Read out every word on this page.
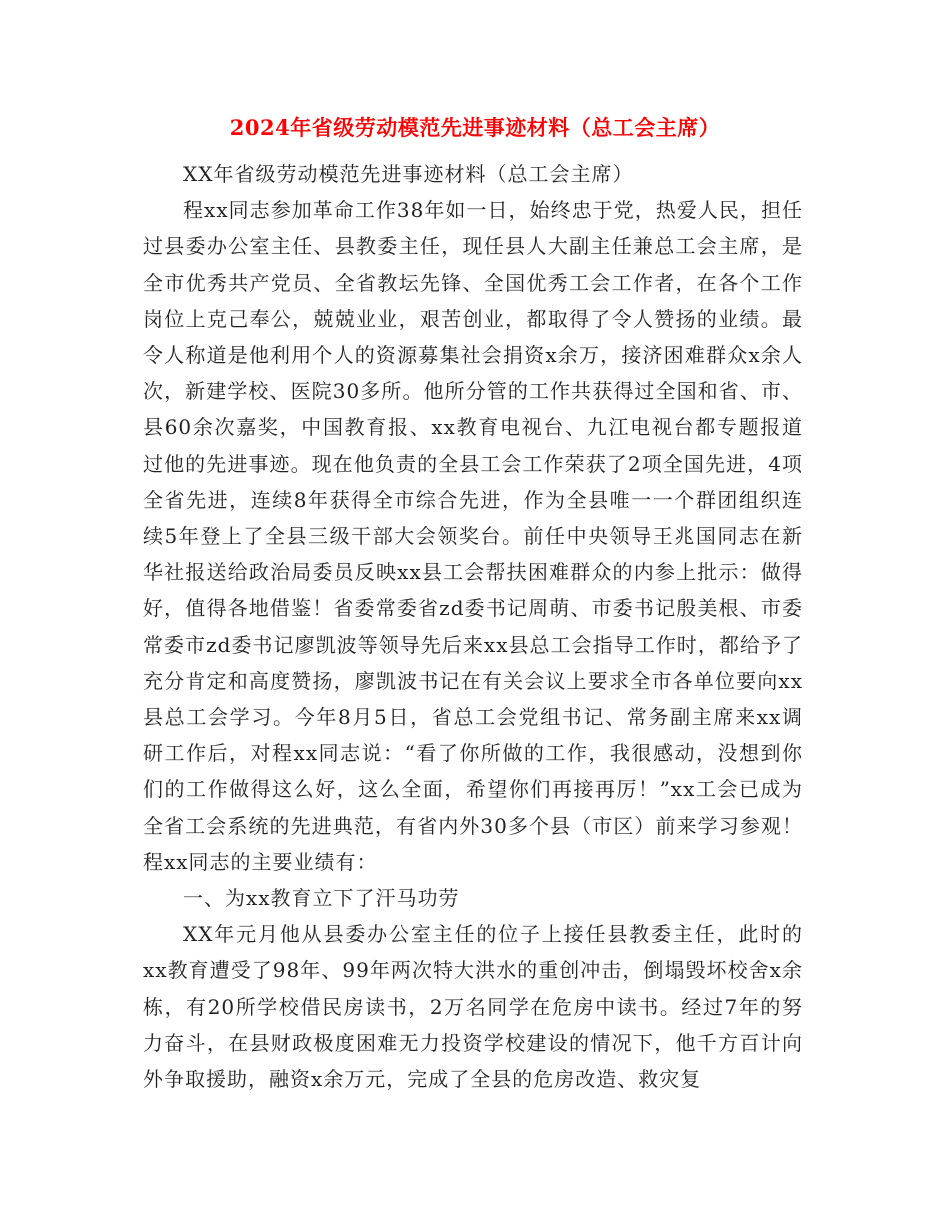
2024年省级劳动模范先进事迹材料（总工会主席）

XX年省级劳动模范先进事迹材料（总工会主席）

程xx同志参加革命工作38年如一日，始终忠于党，热爱人民，担任过县委办公室主任、县教委主任，现任县人大副主任兼总工会主席，是全市优秀共产党员、全省教坛先锋、全国优秀工会工作者，在各个工作岗位上克己奉公，兢兢业业，艰苦创业，都取得了令人赞扬的业绩。最令人称道是他利用个人的资源募集社会捐资x余万，接济困难群众x余人次，新建学校、医院30多所。他所分管的工作共获得过全国和省、市、县60余次嘉奖，中国教育报、xx教育电视台、九江电视台都专题报道过他的先进事迹。现在他负责的全县工会工作荣获了2项全国先进，4项全省先进，连续8年获得全市综合先进，作为全县唯一一个群团组织连续5年登上了全县三级干部大会领奖台。前任中央领导王兆国同志在新华社报送给政治局委员反映xx县工会帮扶困难群众的内参上批示：做得好，值得各地借鉴！省委常委省zd委书记周萌、市委书记殷美根、市委常委市zd委书记廖凯波等领导先后来xx县总工会指导工作时，都给予了充分肯定和高度赞扬，廖凯波书记在有关会议上要求全市各单位要向xx县总工会学习。今年8月5日，省总工会党组书记、常务副主席来xx调研工作后，对程xx同志说：“看了你所做的工作，我很感动，没想到你们的工作做得这么好，这么全面，希望你们再接再厉！”xx工会已成为全省工会系统的先进典范，有省内外30多个县（市区）前来学习参观！程xx同志的主要业绩有：

一、为xx教育立下了汗马功劳

XX年元月他从县委办公室主任的位子上接任县教委主任，此时的xx教育遭受了98年、99年两次特大洪水的重创冲击，倒塌毁坏校舍x余栋，有20所学校借民房读书，2万名同学在危房中读书。经过7年的努力奋斗，在县财政极度困难无力投资学校建设的情况下，他千方百计向外争取援助，融资x余万元，完成了全县的危房改造、救灾复
